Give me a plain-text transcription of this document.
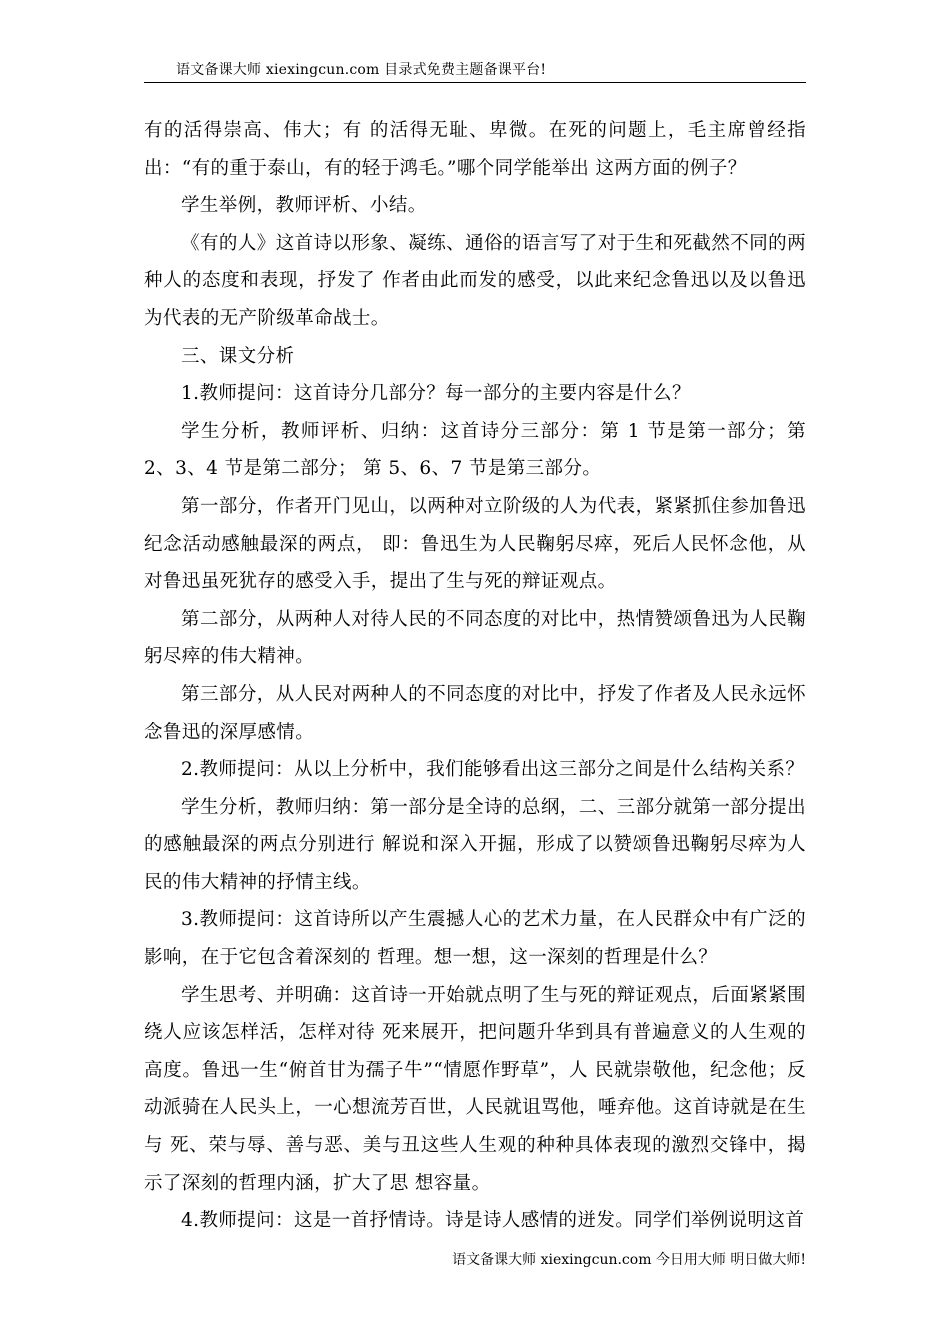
语文备课大师 xiexingcun.com 目录式免费主题备课平台!

有的活得崇高、伟大；有 的活得无耻、卑微。在死的问题上，毛主席曾经指出：“有的重于泰山，有的轻于鸿毛。”哪个同学能举出 这两方面的例子？

学生举例，教师评析、小结。

《有的人》这首诗以形象、凝练、通俗的语言写了对于生和死截然不同的两种人的态度和表现，抒发了 作者由此而发的感受，以此来纪念鲁迅以及以鲁迅为代表的无产阶级革命战士。

三、课文分析

1.教师提问：这首诗分几部分？每一部分的主要内容是什么？

学生分析，教师评析、归纳：这首诗分三部分：第 1 节是第一部分；第 2、3、4 节是第二部分； 第 5、6、7 节是第三部分。

第一部分，作者开门见山，以两种对立阶级的人为代表，紧紧抓住参加鲁迅纪念活动感触最深的两点， 即：鲁迅生为人民鞠躬尽瘁，死后人民怀念他，从对鲁迅虽死犹存的感受入手，提出了生与死的辩证观点。

第二部分，从两种人对待人民的不同态度的对比中，热情赞颂鲁迅为人民鞠躬尽瘁的伟大精神。

第三部分，从人民对两种人的不同态度的对比中，抒发了作者及人民永远怀念鲁迅的深厚感情。

2.教师提问：从以上分析中，我们能够看出这三部分之间是什么结构关系？

学生分析，教师归纳：第一部分是全诗的总纲，二、三部分就第一部分提出的感触最深的两点分别进行 解说和深入开掘，形成了以赞颂鲁迅鞠躬尽瘁为人民的伟大精神的抒情主线。

3.教师提问：这首诗所以产生震撼人心的艺术力量，在人民群众中有广泛的影响，在于它包含着深刻的 哲理。想一想，这一深刻的哲理是什么？

学生思考、并明确：这首诗一开始就点明了生与死的辩证观点，后面紧紧围绕人应该怎样活，怎样对待 死来展开，把问题升华到具有普遍意义的人生观的高度。鲁迅一生“俯首甘为孺子牛”“情愿作野草”，人 民就崇敬他，纪念他；反动派骑在人民头上，一心想流芳百世，人民就诅骂他，唾弃他。这首诗就是在生与 死、荣与辱、善与恶、美与丑这些人生观的种种具体表现的激烈交锋中，揭示了深刻的哲理内涵，扩大了思 想容量。

4.教师提问：这是一首抒情诗。诗是诗人感情的迸发。同学们举例说明这首

语文备课大师 xiexingcun.com 今日用大师 明日做大师!
